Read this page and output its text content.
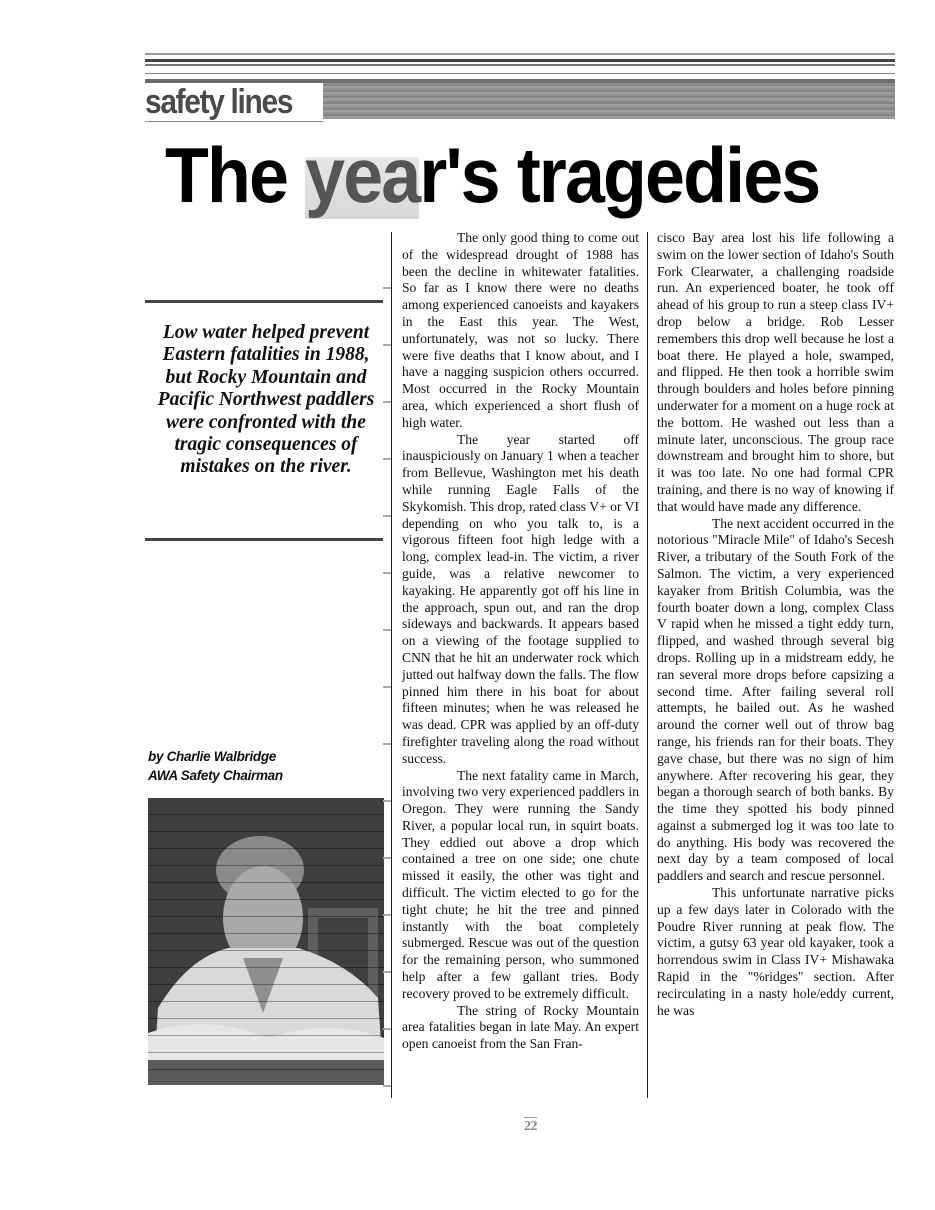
safety lines
The year's tragedies
Low water helped prevent Eastern fatalities in 1988, but Rocky Mountain and Pacific Northwest paddlers were confronted with the tragic consequences of mistakes on the river.
by Charlie Walbridge
AWA Safety Chairman

The only good thing to come out of the widespread drought of 1988 has been the decline in whitewater fatalities. So far as I know there were no deaths among experienced canoeists and kayakers in the East this year. The West, unfortunately, was not so lucky. There were five deaths that I know about, and I have a nagging suspicion others occurred. Most occurred in the Rocky Mountain area, which experienced a short flush of high water.

The year started off inauspiciously on January 1 when a teacher from Bellevue, Washington met his death while running Eagle Falls of the Skykomish. This drop, rated class V+ or VI depending on who you talk to, is a vigorous fifteen foot high ledge with a long, complex lead-in. The victim, a river guide, was a relative newcomer to kayaking. He apparently got off his line in the approach, spun out, and ran the drop sideways and backwards. It appears based on a viewing of the footage supplied to CNN that he hit an underwater rock which jutted out halfway down the falls. The flow pinned him there in his boat for about fifteen minutes; when he was released he was dead. CPR was applied by an off-duty firefighter traveling along the road without success.

The next fatality came in March, involving two very experienced paddlers in Oregon. They were running the Sandy River, a popular local run, in squirt boats. They eddied out above a drop which contained a tree on one side; one chute missed it easily, the other was tight and difficult. The victim elected to go for the tight chute; he hit the tree and pinned instantly with the boat completely submerged. Rescue was out of the question for the remaining person, who summoned help after a few gallant tries. Body recovery proved to be extremely difficult.

The string of Rocky Mountain area fatalities began in late May. An expert open canoeist from the San Fran-

cisco Bay area lost his life following a swim on the lower section of Idaho's South Fork Clearwater, a challenging roadside run. An experienced boater, he took off ahead of his group to run a steep class IV+ drop below a bridge. Rob Lesser remembers this drop well because he lost a boat there. He played a hole, swamped, and flipped. He then took a horrible swim through boulders and holes before pinning underwater for a moment on a huge rock at the bottom. He washed out less than a minute later, unconscious. The group race downstream and brought him to shore, but it was too late. No one had formal CPR training, and there is no way of knowing if that would have made any difference.

The next accident occurred in the notorious "Miracle Mile" of Idaho's Secesh River, a tributary of the South Fork of the Salmon. The victim, a very experienced kayaker from British Columbia, was the fourth boater down a long, complex Class V rapid when he missed a tight eddy turn, flipped, and washed through several big drops. Rolling up in a midstream eddy, he ran several more drops before capsizing a second time. After failing several roll attempts, he bailed out. As he washed around the corner well out of throw bag range, his friends ran for their boats. They gave chase, but there was no sign of him anywhere. After recovering his gear, they began a thorough search of both banks. By the time they spotted his body pinned against a submerged log it was too late to do anything. His body was recovered the next day by a team composed of local paddlers and search and rescue personnel.

This unfortunate narrative picks up a few days later in Colorado with the Poudre River running at peak flow. The victim, a gutsy 63 year old kayaker, took a horrendous swim in Class IV+ Mishawaka Rapid in the "%ridges" section. After recirculating in a nasty hole/eddy current, he was

22
